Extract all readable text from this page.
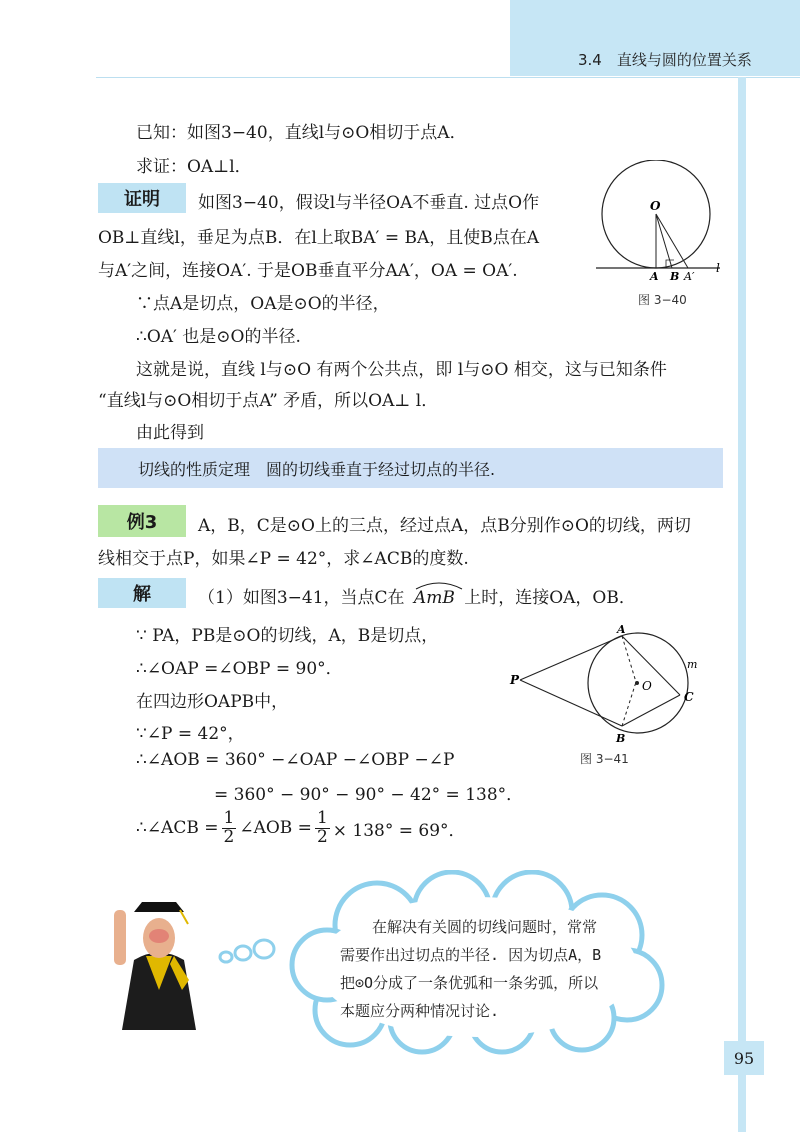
3.4　直线与圆的位置关系
已知：如图3−40，直线l与⊙O相切于点A．
求证：OA⊥l．
证明	如图3−40，假设l与半径OA不垂直. 过点O作
OB⊥直线l，垂足为点B．在l上取BA′ = BA，且使B点在A
与A′之间，连接OA′. 于是OB垂直平分AA′，OA = OA′.
∵点A是切点，OA是⊙O的半径，
∴OA′ 也是⊙O的半径.
这就是说，直线 l与⊙O 有两个公共点，即 l与⊙O 相交，这与已知条件
“直线l与⊙O相切于点A” 矛盾，所以OA⊥ l．
由此得到
O
A B A′
l
图 3−40
切线的性质定理　圆的切线垂直于经过切点的半径.
例3	A，B，C是⊙O上的三点，经过点A，点B分别作⊙O的切线，两切
线相交于点P，如果∠P = 42°，求∠ACB的度数.
解	（1）如图3−41，当点C在 AmB 上时，连接OA，OB．
∵ PA，PB是⊙O的切线，A，B是切点，
∴∠OAP =∠OBP = 90°．
在四边形OAPB中，
∵∠P = 42°，
∴∠AOB = 360° −∠OAP −∠OBP −∠P
= 360° − 90° − 90° − 42° = 138°．
∴∠ACB = $\frac{1}{2}$ ∠AOB = $\frac{1}{2} \times 138^\circ = 69^\circ$．
P
A
B
C
O
m
图 3−41
在解决有关圆的切线问题时，常常
需要作出过切点的半径. 因为切点A，B
把⊙O分成了一条优弧和一条劣弧，所以
本题应分两种情况讨论.
95
